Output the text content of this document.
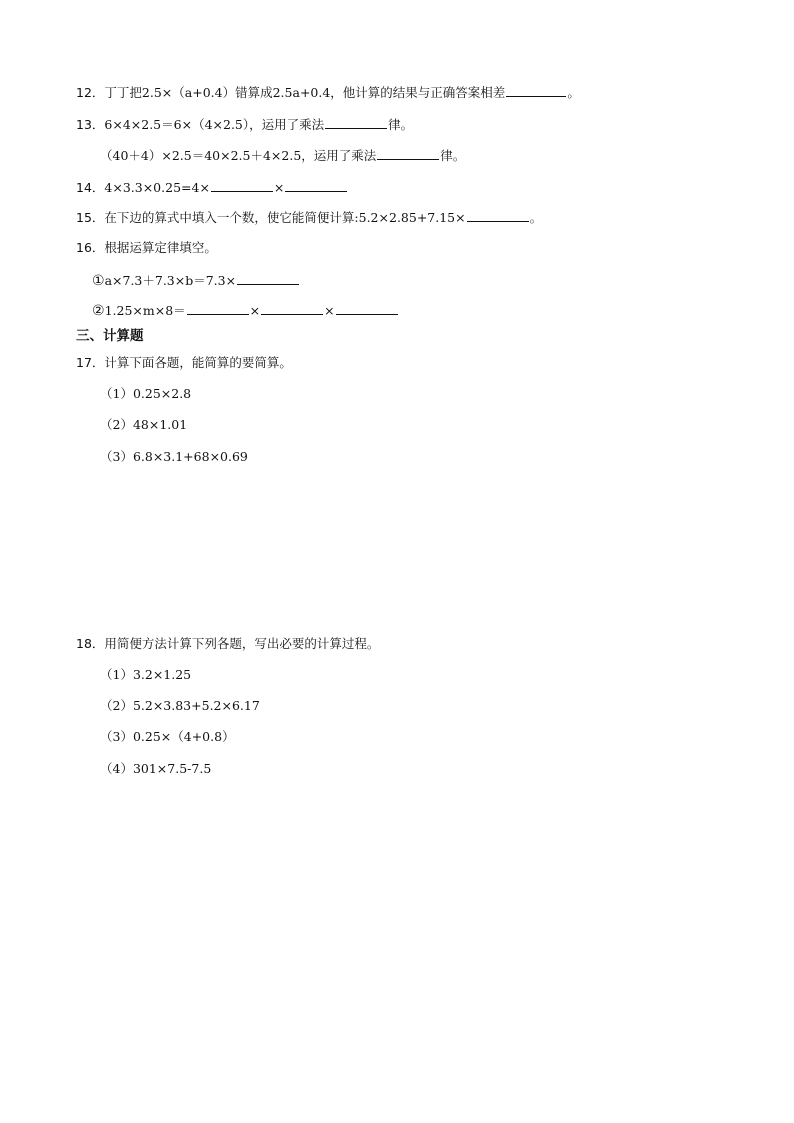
12．丁丁把2.5×（a+0.4）错算成2.5a+0.4，他计算的结果与正确答案相差	。
13．6×4×2.5＝6×（4×2.5），运用了乘法	律。
（40＋4）×2.5＝40×2.5＋4×2.5，运用了乘法	律。
14．4×3.3×0.25=4×	×
15．在下边的算式中填入一个数，使它能简便计算:5.2×2.85+7.15×	。
16．根据运算定律填空。
①a×7.3＋7.3×b＝7.3×
②1.25×m×8＝	×	×
三、计算题
17．计算下面各题，能简算的要简算。
（1）0.25×2.8
（2）48×1.01
（3）6.8×3.1+68×0.69
18．用简便方法计算下列各题，写出必要的计算过程。
（1）3.2×1.25
（2）5.2×3.83+5.2×6.17
（3）0.25×（4+0.8）
（4）301×7.5-7.5
